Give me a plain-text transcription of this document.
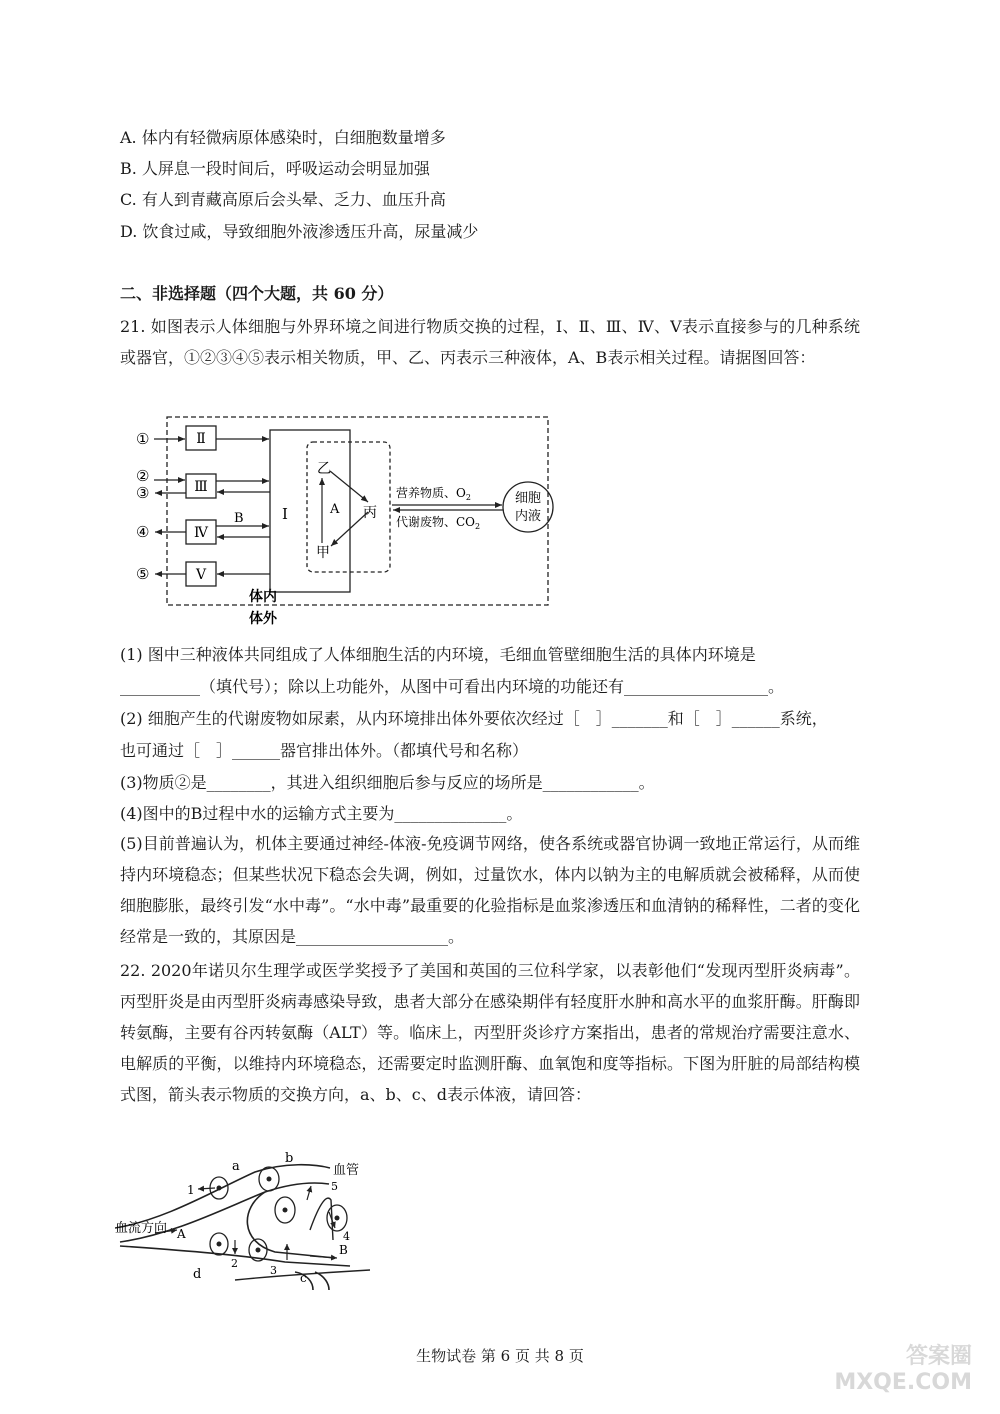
A. 体内有轻微病原体感染时，白细胞数量增多
B. 人屏息一段时间后，呼吸运动会明显加强
C. 有人到青藏高原后会头晕、乏力、血压升高
D. 饮食过咸，导致细胞外液渗透压升高，尿量减少
二、非选择题（四个大题，共 60 分）
21. 如图表示人体细胞与外界环境之间进行物质交换的过程，Ⅰ、Ⅱ、Ⅲ、Ⅳ、Ⅴ表示直接参与的几种系统或器官，①②③④⑤表示相关物质，甲、乙、丙表示三种液体，A、B表示相关过程。请据图回答：
①
②
③
④
⑤
Ⅱ
Ⅲ
Ⅳ
Ⅴ
Ⅰ
B
乙
丙
甲
A
营养物质、$O_2$
代谢废物、$CO_2$
细胞
内液
体内
体外
(1) 图中三种液体共同组成了人体细胞生活的内环境，毛细血管壁细胞生活的具体内环境是
__________（填代号）；除以上功能外，从图中可看出内环境的功能还有__________________。
(2) 细胞产生的代谢废物如尿素，从内环境排出体外要依次经过［　］_______和［　］______系统，
也可通过［　］______器官排出体外。（都填代号和名称）
(3)物质②是________，其进入组织细胞后参与反应的场所是____________。
(4)图中的B过程中水的运输方式主要为______________。
(5)目前普遍认为，机体主要通过神经-体液-免疫调节网络，使各系统或器官协调一致地正常运行，从而维持内环境稳态；但某些状况下稳态会失调，例如，过量饮水，体内以钠为主的电解质就会被稀释，从而使细胞膨胀，最终引发“水中毒”。“水中毒”最重要的化验指标是血浆渗透压和血清钠的稀释性，二者的变化经常是一致的，其原因是___________________。
22. 2020年诺贝尔生理学或医学奖授予了美国和英国的三位科学家，以表彰他们“发现丙型肝炎病毒”。丙型肝炎是由丙型肝炎病毒感染导致，患者大部分在感染期伴有轻度肝水肿和高水平的血浆肝酶。肝酶即转氨酶，主要有谷丙转氨酶（ALT）等。临床上，丙型肝炎诊疗方案指出，患者的常规治疗需要注意水、电解质的平衡，以维持内环境稳态，还需要定时监测肝酶、血氧饱和度等指标。下图为肝脏的局部结构模式图，箭头表示物质的交换方向，a、b、c、d表示体液，请回答：
a
b
血管
1	5
4
血流方向 A
B
2
3
c
d
生物试卷 第 6 页 共 8 页	答案圈 MXQE.COM
